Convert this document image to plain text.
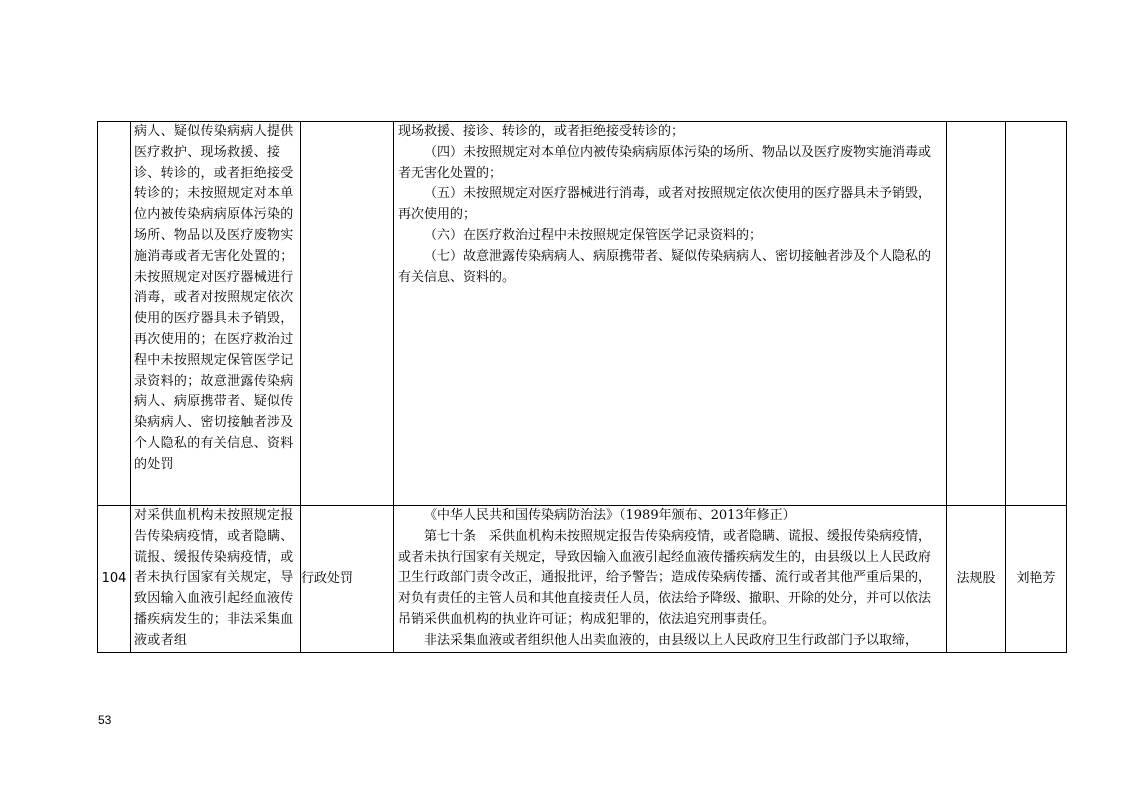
	病人、疑似传染病病人提供医疗救护、现场救援、接诊、转诊的，或者拒绝接受转诊的；未按照规定对本单位内被传染病病原体污染的场所、物品以及医疗废物实施消毒或者无害化处置的；未按照规定对医疗器械进行消毒，或者对按照规定依次使用的医疗器具未予销毁，再次使用的；在医疗救治过程中未按照规定保管医学记录资料的；故意泄露传染病病人、病原携带者、疑似传染病病人、密切接触者涉及个人隐私的有关信息、资料的处罚		现场救援、接诊、转诊的，或者拒绝接受转诊的；

（四）未按照规定对本单位内被传染病病原体污染的场所、物品以及医疗废物实施消毒或者无害化处置的；

（五）未按照规定对医疗器械进行消毒，或者对按照规定依次使用的医疗器具未予销毁，再次使用的；

（六）在医疗救治过程中未按照规定保管医学记录资料的；

（七）故意泄露传染病病人、病原携带者、疑似传染病病人、密切接触者涉及个人隐私的有关信息、资料的。		

104	对采供血机构未按照规定报告传染病疫情，或者隐瞒、谎报、缓报传染病疫情，或者未执行国家有关规定，导致因输入血液引起经血液传播疾病发生的；非法采集血液或者组	行政处罚	《中华人民共和国传染病防治法》（1989年颁布、2013年修正）

第七十条　采供血机构未按照规定报告传染病疫情，或者隐瞒、谎报、缓报传染病疫情，或者未执行国家有关规定，导致因输入血液引起经血液传播疾病发生的，由县级以上人民政府卫生行政部门责令改正，通报批评，给予警告；造成传染病传播、流行或者其他严重后果的，对负有责任的主管人员和其他直接责任人员，依法给予降级、撤职、开除的处分，并可以依法吊销采供血机构的执业许可证；构成犯罪的，依法追究刑事责任。

非法采集血液或者组织他人出卖血液的，由县级以上人民政府卫生行政部门予以取缔，	法规股	刘艳芳
53
